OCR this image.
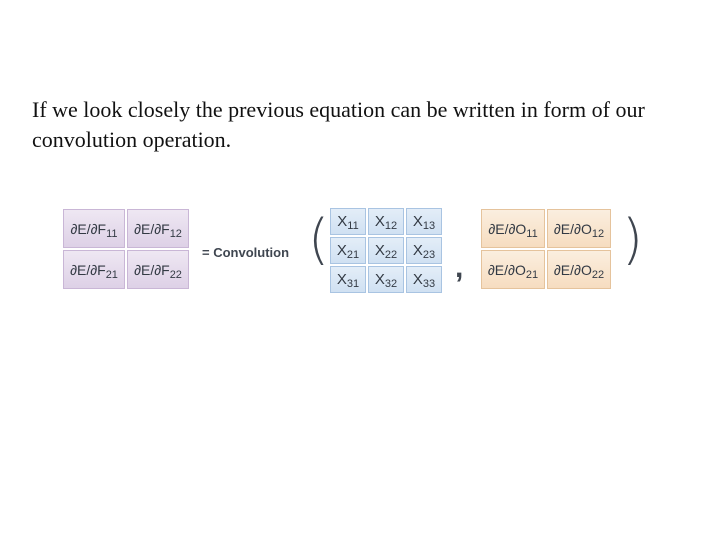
If we look closely the previous equation can be written in form of our convolution operation.

$\partial E/\partial F_{11}$	$\partial E/\partial F_{12}$
$\partial E/\partial F_{21}$	$\partial E/\partial F_{22}$
= Convolution ( $X_{11}$	$X_{12}$	$X_{13}$
$X_{21}$	$X_{22}$	$X_{23}$
$X_{31}$	$X_{32}$	$X_{33}$ ,
$\partial E/\partial O_{11}$	$\partial E/\partial O_{12}$
$\partial E/\partial O_{21}$	$\partial E/\partial O_{22}$
)
